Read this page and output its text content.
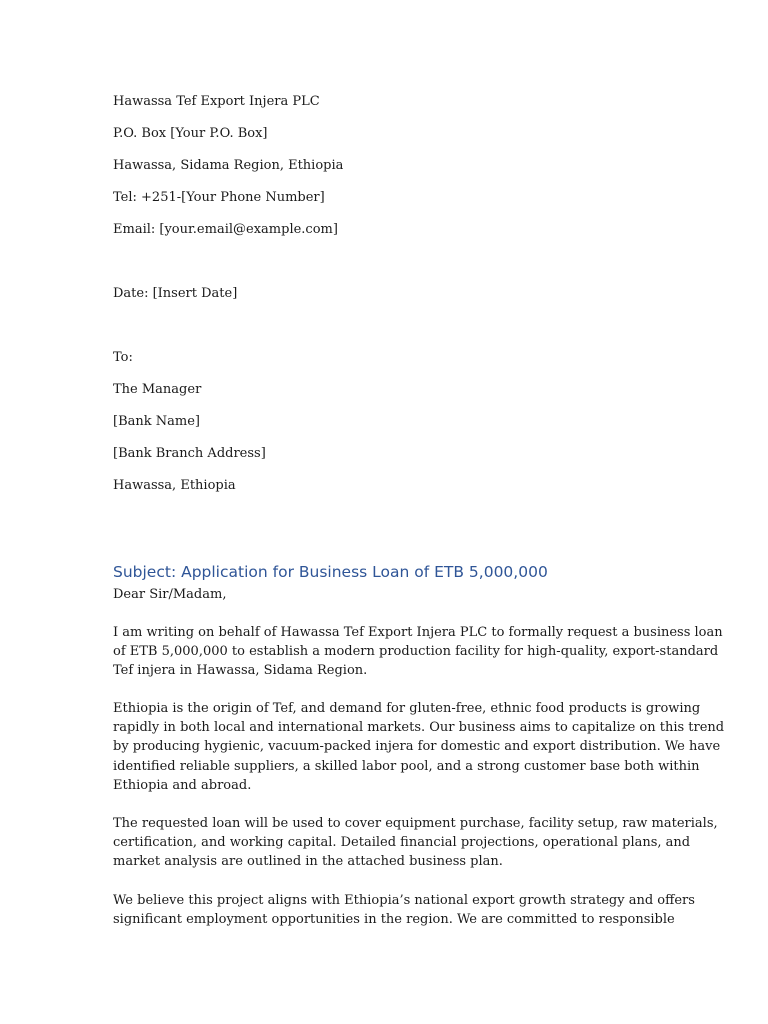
Hawassa Tef Export Injera PLC
P.O. Box [Your P.O. Box]
Hawassa, Sidama Region, Ethiopia
Tel: +251-[Your Phone Number]
Email: [your.email@example.com]
Date: [Insert Date]
To:
The Manager
[Bank Name]
[Bank Branch Address]
Hawassa, Ethiopia
Subject: Application for Business Loan of ETB 5,000,000
Dear Sir/Madam,
I am writing on behalf of Hawassa Tef Export Injera PLC to formally request a business loan
of ETB 5,000,000 to establish a modern production facility for high-quality, export-standard
Tef injera in Hawassa, Sidama Region.
Ethiopia is the origin of Tef, and demand for gluten-free, ethnic food products is growing
rapidly in both local and international markets. Our business aims to capitalize on this trend
by producing hygienic, vacuum-packed injera for domestic and export distribution. We have
identified reliable suppliers, a skilled labor pool, and a strong customer base both within
Ethiopia and abroad.
The requested loan will be used to cover equipment purchase, facility setup, raw materials,
certification, and working capital. Detailed financial projections, operational plans, and
market analysis are outlined in the attached business plan.
We believe this project aligns with Ethiopia’s national export growth strategy and offers
significant employment opportunities in the region. We are committed to responsible
